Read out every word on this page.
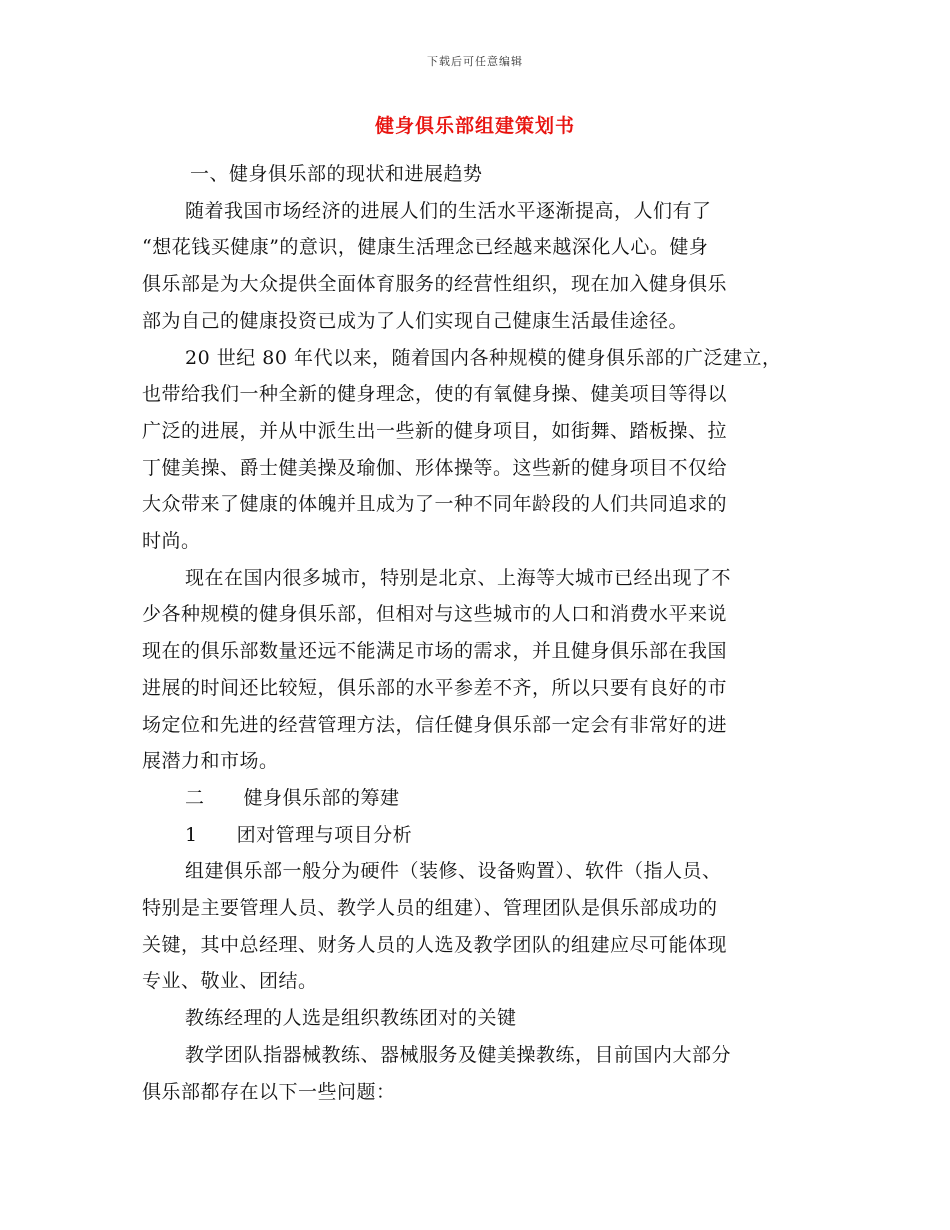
下载后可任意编辑
健身俱乐部组建策划书

一、健身俱乐部的现状和进展趋势

随着我国市场经济的进展人们的生活水平逐渐提高，人们有了

“想花钱买健康”的意识，健康生活理念已经越来越深化人心。健身

俱乐部是为大众提供全面体育服务的经营性组织，现在加入健身俱乐

部为自己的健康投资已成为了人们实现自己健康生活最佳途径。

20 世纪 80 年代以来，随着国内各种规模的健身俱乐部的广泛建立，

也带给我们一种全新的健身理念，使的有氧健身操、健美项目等得以

广泛的进展，并从中派生出一些新的健身项目，如街舞、踏板操、拉

丁健美操、爵士健美操及瑜伽、形体操等。这些新的健身项目不仅给

大众带来了健康的体魄并且成为了一种不同年龄段的人们共同追求的

时尚。

现在在国内很多城市，特别是北京、上海等大城市已经出现了不

少各种规模的健身俱乐部，但相对与这些城市的人口和消费水平来说

现在的俱乐部数量还远不能满足市场的需求，并且健身俱乐部在我国

进展的时间还比较短，俱乐部的水平参差不齐，所以只要有良好的市

场定位和先进的经营管理方法，信任健身俱乐部一定会有非常好的进

展潜力和市场。

二　　健身俱乐部的筹建

1　　团对管理与项目分析

组建俱乐部一般分为硬件（装修、设备购置）、软件（指人员、

特别是主要管理人员、教学人员的组建）、管理团队是俱乐部成功的

关键，其中总经理、财务人员的人选及教学团队的组建应尽可能体现

专业、敬业、团结。

教练经理的人选是组织教练团对的关键

教学团队指器械教练、器械服务及健美操教练，目前国内大部分

俱乐部都存在以下一些问题：
